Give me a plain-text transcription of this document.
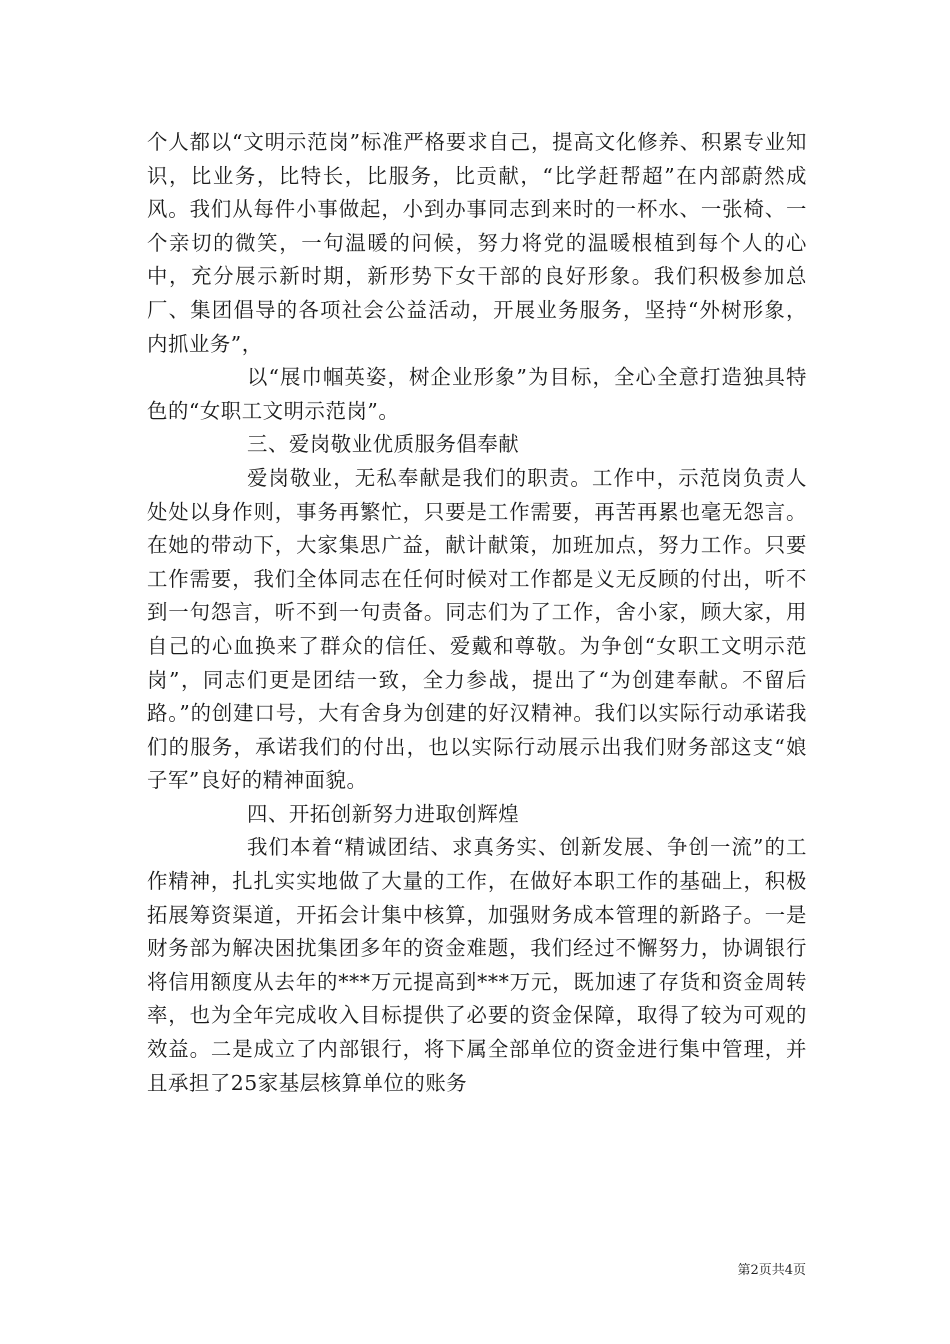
个人都以“文明示范岗”标准严格要求自己，提高文化修养、积累专业知识，比业务，比特长，比服务，比贡献，“比学赶帮超”在内部蔚然成风。我们从每件小事做起，小到办事同志到来时的一杯水、一张椅、一个亲切的微笑，一句温暖的问候，努力将党的温暖根植到每个人的心中，充分展示新时期，新形势下女干部的良好形象。我们积极参加总厂、集团倡导的各项社会公益活动，开展业务服务，坚持“外树形象，内抓业务”，

以“展巾帼英姿，树企业形象”为目标，全心全意打造独具特色的“女职工文明示范岗”。

三、爱岗敬业优质服务倡奉献

爱岗敬业，无私奉献是我们的职责。工作中，示范岗负责人处处以身作则，事务再繁忙，只要是工作需要，再苦再累也毫无怨言。在她的带动下，大家集思广益，献计献策，加班加点，努力工作。只要工作需要，我们全体同志在任何时候对工作都是义无反顾的付出，听不到一句怨言，听不到一句责备。同志们为了工作，舍小家，顾大家，用自己的心血换来了群众的信任、爱戴和尊敬。为争创“女职工文明示范岗”，同志们更是团结一致，全力参战，提出了“为创建奉献。不留后路。”的创建口号，大有舍身为创建的好汉精神。我们以实际行动承诺我们的服务，承诺我们的付出，也以实际行动展示出我们财务部这支“娘子军”良好的精神面貌。

四、开拓创新努力进取创辉煌

我们本着“精诚团结、求真务实、创新发展、争创一流”的工作精神，扎扎实实地做了大量的工作，在做好本职工作的基础上，积极拓展筹资渠道，开拓会计集中核算，加强财务成本管理的新路子。一是财务部为解决困扰集团多年的资金难题，我们经过不懈努力，协调银行将信用额度从去年的***万元提高到***万元，既加速了存货和资金周转率，也为全年完成收入目标提供了必要的资金保障，取得了较为可观的效益。二是成立了内部银行，将下属全部单位的资金进行集中管理，并且承担了25家基层核算单位的账务

第2页共4页
